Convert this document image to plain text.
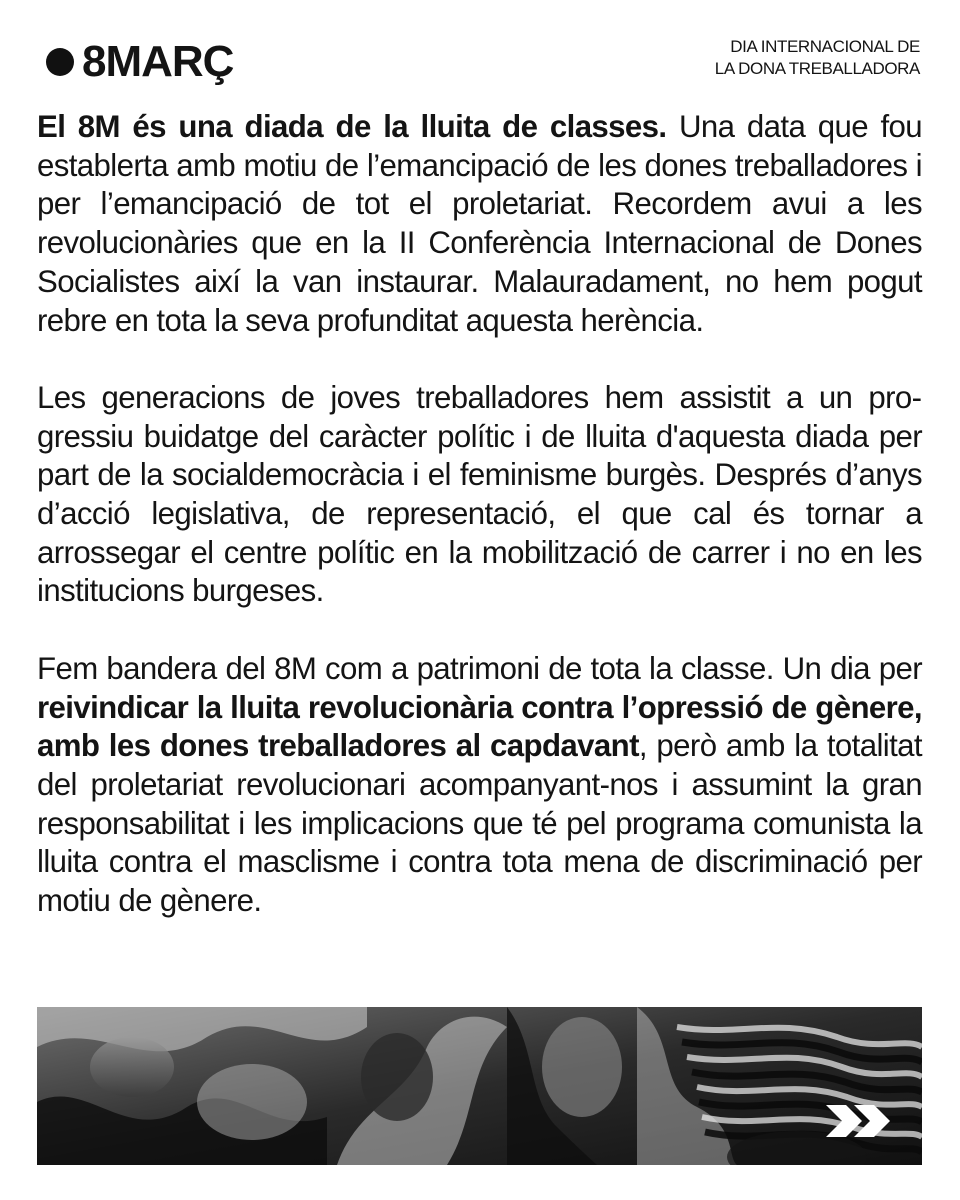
8MARÇ	DIA INTERNACIONAL DE
LA DONA TREBALLADORA

El 8M és una diada de la lluita de classes. Una data que fou establerta amb motiu de l’emancipació de les dones treballadores i per l’emancipació de tot el proletariat. Recordem avui a les revolucionàries que en la II Conferència Internacional de Dones Socialistes així la van instaurar. Malauradament, no hem pogut rebre en tota la seva profunditat aquesta herència.

Les generacions de joves treballadores hem assistit a un progressiu buidatge del caràcter polític i de lluita d'aquesta diada per part de la socialdemocràcia i el feminisme burgès. Després d’anys d’acció legislativa, de representació, el que cal és tornar a arrossegar el centre polític en la mobilització de carrer i no en les institucions burgeses.

Fem bandera del 8M com a patrimoni de tota la classe. Un dia per reivindicar la lluita revolucionària contra l’opressió de gènere, amb les dones treballadores al capdavant, però amb la totalitat del proletariat revolucionari acompanyant-nos i assumint la gran responsabilitat i les implicacions que té pel programa comunista la lluita contra el masclisme i contra tota mena de discriminació per motiu de gènere.
